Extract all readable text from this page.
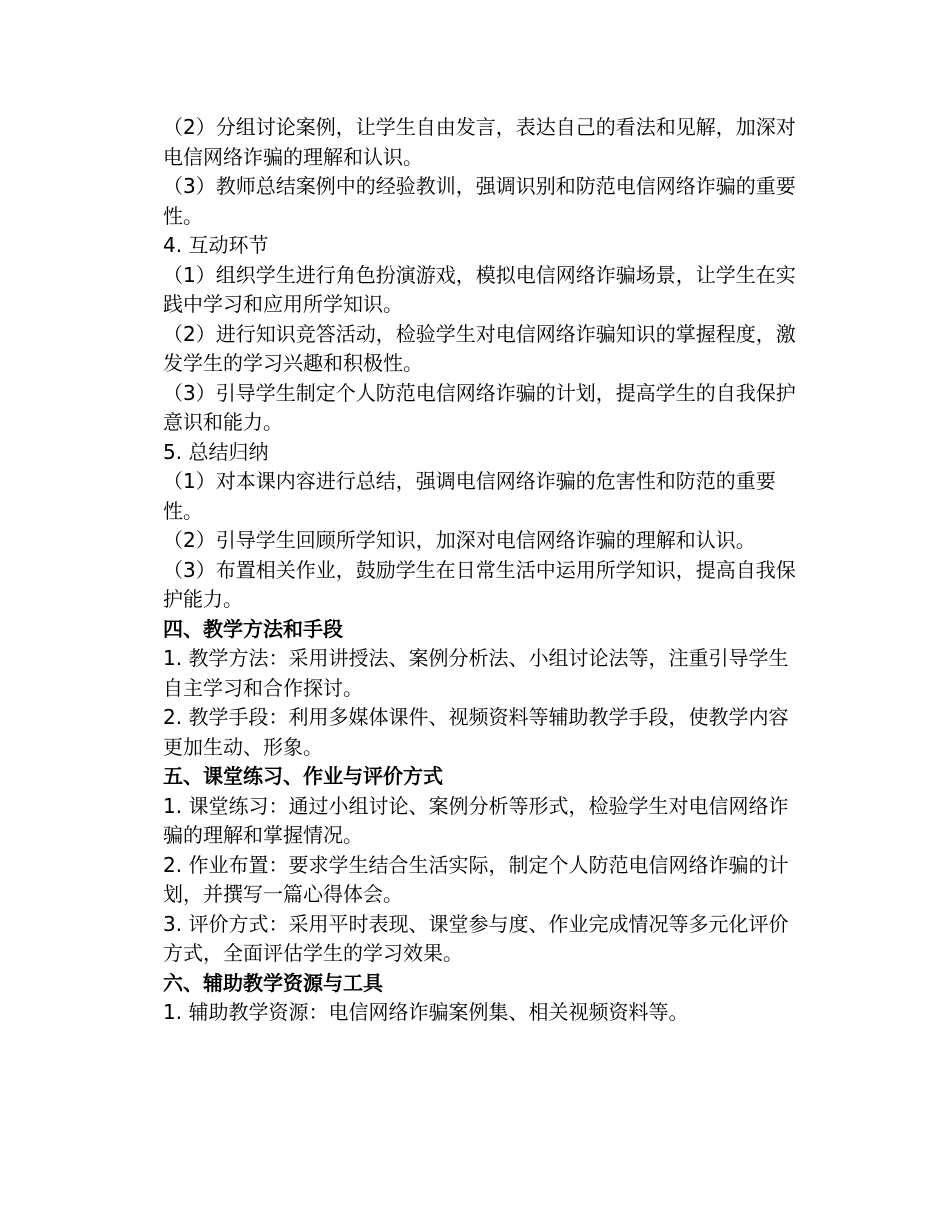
（2）分组讨论案例，让学生自由发言，表达自己的看法和见解，加深对电信网络诈骗的理解和认识。

（3）教师总结案例中的经验教训，强调识别和防范电信网络诈骗的重要性。

4. 互动环节

（1）组织学生进行角色扮演游戏，模拟电信网络诈骗场景，让学生在实践中学习和应用所学知识。

（2）进行知识竞答活动，检验学生对电信网络诈骗知识的掌握程度，激发学生的学习兴趣和积极性。

（3）引导学生制定个人防范电信网络诈骗的计划，提高学生的自我保护意识和能力。

5. 总结归纳

（1）对本课内容进行总结，强调电信网络诈骗的危害性和防范的重要性。

（2）引导学生回顾所学知识，加深对电信网络诈骗的理解和认识。

（3）布置相关作业，鼓励学生在日常生活中运用所学知识，提高自我保护能力。

四、教学方法和手段

1. 教学方法：采用讲授法、案例分析法、小组讨论法等，注重引导学生自主学习和合作探讨。

2. 教学手段：利用多媒体课件、视频资料等辅助教学手段，使教学内容更加生动、形象。

五、课堂练习、作业与评价方式

1. 课堂练习：通过小组讨论、案例分析等形式，检验学生对电信网络诈骗的理解和掌握情况。

2. 作业布置：要求学生结合生活实际，制定个人防范电信网络诈骗的计划，并撰写一篇心得体会。

3. 评价方式：采用平时表现、课堂参与度、作业完成情况等多元化评价方式，全面评估学生的学习效果。

六、辅助教学资源与工具

1. 辅助教学资源：电信网络诈骗案例集、相关视频资料等。
